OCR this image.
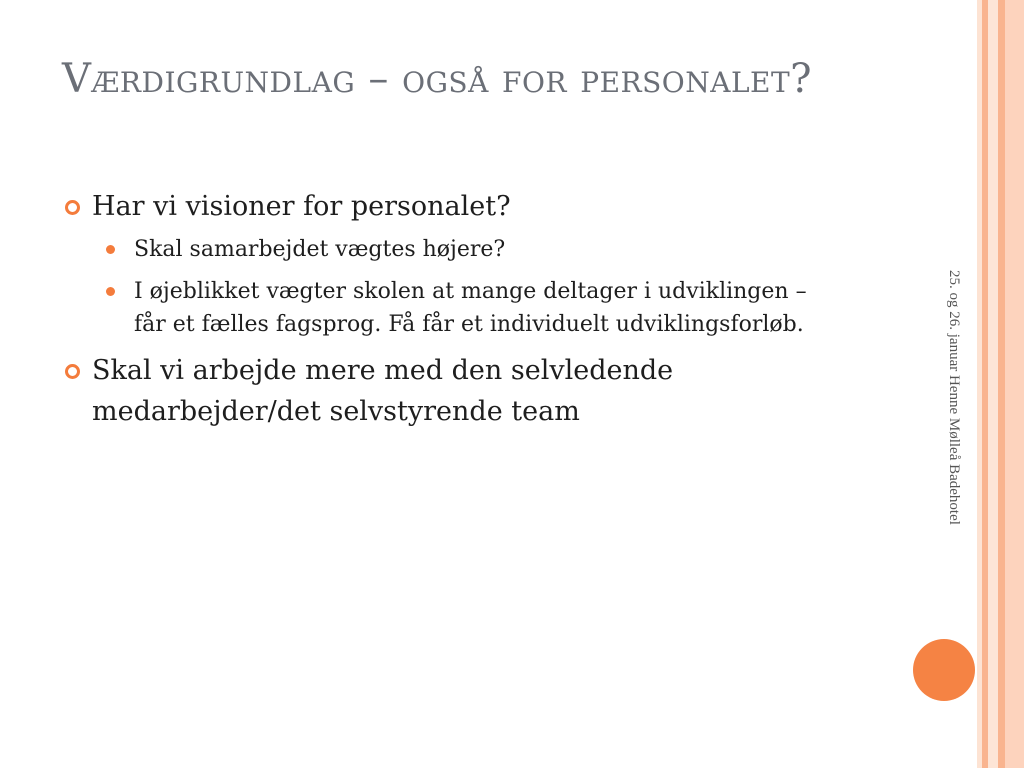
Værdigrundlag – også for personalet?
Har vi visioner for personalet?
Skal samarbejdet vægtes højere?
I øjeblikket vægter skolen at mange deltager i udviklingen – får et fælles fagsprog. Få får et individuelt udviklingsforløb.
Skal vi arbejde mere med den selvledende medarbejder/det selvstyrende team	25. og 26. januar Henne Mølleå Badehotel
